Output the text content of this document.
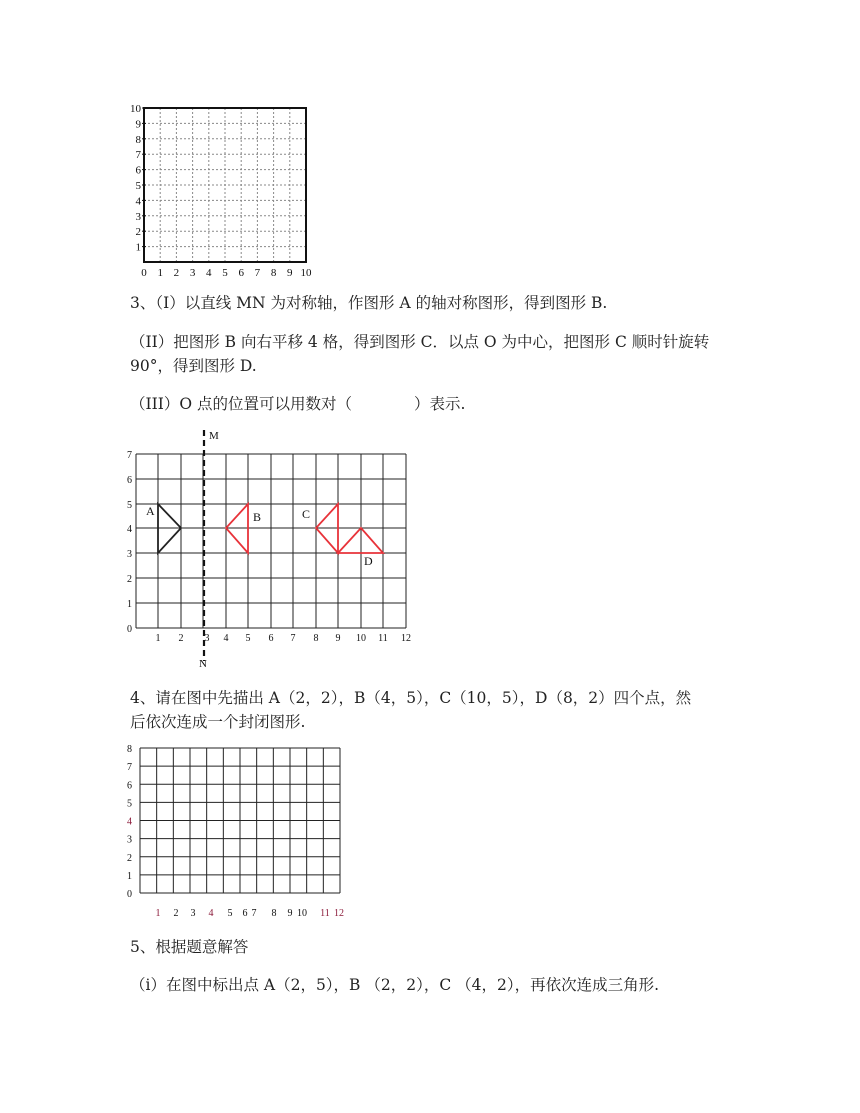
1
2
3
4
5
6
7
8
9
10
0 1 2 3 4 5 6 7 8 9 10
3、（I）以直线 MN 为对称轴，作图形 A 的轴对称图形，得到图形 B.
（II）把图形 B 向右平移 4 格，得到图形 C．以点 O 为中心，把图形 C 顺时针旋转
90°，得到图形 D.
（III）O 点的位置可以用数对（　　　　）表示.
M
N
A	B	C
D
0
1
2
3
4
5
6
7
1 2 3 4 5 6 7 8 9 10 11 12
4、请在图中先描出 A（2，2），B（4，5），C（10，5），D（8，2）四个点，然
后依次连成一个封闭图形.
0
1
2
3
4
5
6
7
8
1 2 3 4 5 6 7 8 9 10 11 12
5、根据题意解答
（i）在图中标出点 A（2，5），B （2，2），C （4，2），再依次连成三角形.
